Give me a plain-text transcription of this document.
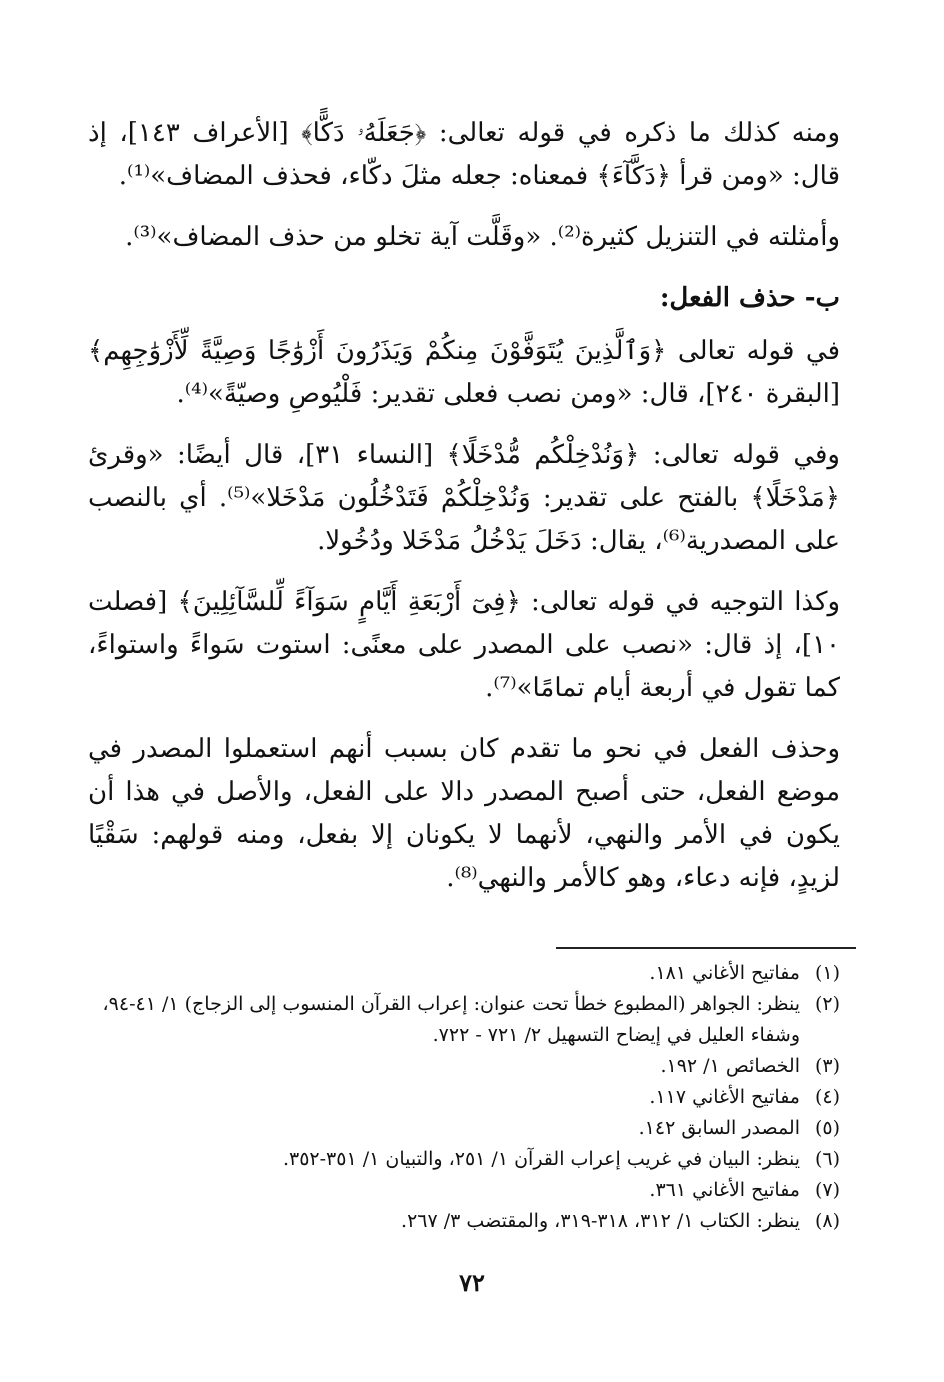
ومنه كذلك ما ذكره في قوله تعالى: ﴿جَعَلَهُۥ دَكًّا﴾ [الأعراف ١٤٣]، إذ قال: «ومن قرأ ﴿دَكَّآءَ﴾ فمعناه: جعله مثلَ دكّاء، فحذف المضاف»⁽¹⁾.

وأمثلته في التنزيل كثيرة⁽²⁾. «وقَلَّت آية تخلو من حذف المضاف»⁽³⁾.

ب- حذف الفعل:

في قوله تعالى ﴿وَٱلَّذِينَ يُتَوَفَّوْنَ مِنكُمْ وَيَذَرُونَ أَزْوَٰجًا وَصِيَّةً لِّأَزْوَٰجِهِم﴾ [البقرة ٢٤٠]، قال: «ومن نصب فعلى تقدير: فَلْيُوصِ وصيّةً»⁽⁴⁾.

وفي قوله تعالى: ﴿وَنُدْخِلْكُم مُّدْخَلًا﴾ [النساء ٣١]، قال أيضًا: «وقرئ ﴿مَدْخَلًا﴾ بالفتح على تقدير: وَنُدْخِلْكُمْ فَتَدْخُلُون مَدْخَلا»⁽⁵⁾. أي بالنصب على المصدرية⁽⁶⁾، يقال: دَخَلَ يَدْخُلُ مَدْخَلا ودُخُولا.

وكذا التوجيه في قوله تعالى: ﴿فِىٓ أَرْبَعَةِ أَيَّامٍ سَوَآءً لِّلسَّآئِلِينَ﴾ [فصلت ١٠]، إذ قال: «نصب على المصدر على معنًى: استوت سَواءً واستواءً، كما تقول في أربعة أيام تمامًا»⁽⁷⁾.

وحذف الفعل في نحو ما تقدم كان بسبب أنهم استعملوا المصدر في موضع الفعل، حتى أصبح المصدر دالا على الفعل، والأصل في هذا أن يكون في الأمر والنهي، لأنهما لا يكونان إلا بفعل، ومنه قولهم: سَقْيًا لزيدٍ، فإنه دعاء، وهو كالأمر والنهي⁽⁸⁾.

(١)
مفاتيح الأغاني ١٨١.
(٢)
ينظر: الجواهر (المطبوع خطأ تحت عنوان: إعراب القرآن المنسوب إلى الزجاج) ١/ ٤١-٩٤، وشفاء العليل في إيضاح التسهيل ٢/ ٧٢١ - ٧٢٢.
(٣)
الخصائص ١/ ١٩٢.
(٤)
مفاتيح الأغاني ١١٧.
(٥)
المصدر السابق ١٤٢.
(٦)
ينظر: البيان في غريب إعراب القرآن ١/ ٢٥١، والتبيان ١/ ٣٥١-٣٥٢.
(٧)
مفاتيح الأغاني ٣٦١.
(٨)
ينظر: الكتاب ١/ ٣١٢، ٣١٨-٣١٩، والمقتضب ٣/ ٢٦٧.
٧٢
